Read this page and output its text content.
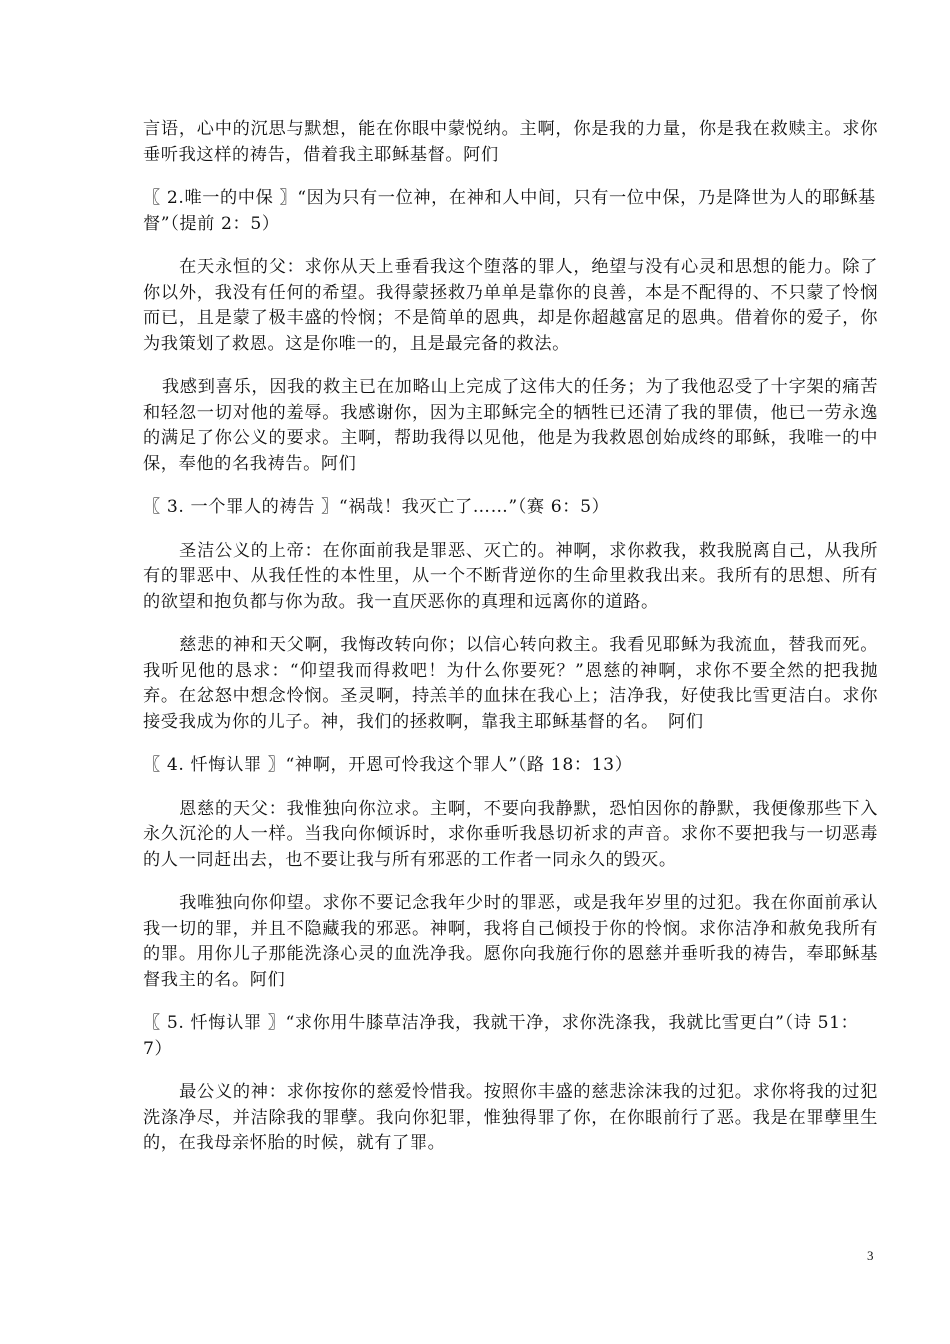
言语，心中的沉思与默想，能在你眼中蒙悦纳。主啊，你是我的力量，你是我在救赎主。求你垂听我这样的祷告，借着我主耶稣基督。阿们

〖 2.唯一的中保 〗“因为只有一位神，在神和人中间，只有一位中保，乃是降世为人的耶稣基督”（提前 2：5）

在天永恒的父：求你从天上垂看我这个堕落的罪人，绝望与没有心灵和思想的能力。除了你以外，我没有任何的希望。我得蒙拯救乃单单是靠你的良善，本是不配得的、不只蒙了怜悯而已，且是蒙了极丰盛的怜悯；不是简单的恩典，却是你超越富足的恩典。借着你的爱子，你为我策划了救恩。这是你唯一的，且是最完备的救法。

我感到喜乐，因我的救主已在加略山上完成了这伟大的任务；为了我他忍受了十字架的痛苦和轻忽一切对他的羞辱。我感谢你，因为主耶稣完全的牺牲已还清了我的罪债，他已一劳永逸的满足了你公义的要求。主啊，帮助我得以见他，他是为我救恩创始成终的耶稣，我唯一的中保，奉他的名我祷告。阿们

〖 3. 一个罪人的祷告 〗“祸哉！我灭亡了……”（赛 6：5）

圣洁公义的上帝：在你面前我是罪恶、灭亡的。神啊，求你救我，救我脱离自己，从我所有的罪恶中、从我任性的本性里，从一个不断背逆你的生命里救我出来。我所有的思想、所有的欲望和抱负都与你为敌。我一直厌恶你的真理和远离你的道路。

慈悲的神和天父啊，我悔改转向你；以信心转向救主。我看见耶稣为我流血，替我而死。我听见他的恳求：“仰望我而得救吧！为什么你要死？”恩慈的神啊，求你不要全然的把我抛弃。在忿怒中想念怜悯。圣灵啊，持羔羊的血抹在我心上；洁净我，好使我比雪更洁白。求你接受我成为你的儿子。神，我们的拯救啊，靠我主耶稣基督的名。　阿们

〖 4. 忏悔认罪 〗“神啊，开恩可怜我这个罪人”（路 18：13）

恩慈的天父：我惟独向你泣求。主啊，不要向我静默，恐怕因你的静默，我便像那些下入永久沉沦的人一样。当我向你倾诉时，求你垂听我恳切祈求的声音。求你不要把我与一切恶毒的人一同赶出去，也不要让我与所有邪恶的工作者一同永久的毁灭。

我唯独向你仰望。求你不要记念我年少时的罪恶，或是我年岁里的过犯。我在你面前承认我一切的罪，并且不隐藏我的邪恶。神啊，我将自己倾投于你的怜悯。求你洁净和赦免我所有的罪。用你儿子那能洗涤心灵的血洗净我。愿你向我施行你的恩慈并垂听我的祷告，奉耶稣基督我主的名。阿们

〖 5. 忏悔认罪 〗“求你用牛膝草洁净我，我就干净，求你洗涤我，我就比雪更白”（诗 51：7）

最公义的神：求你按你的慈爱怜惜我。按照你丰盛的慈悲涂沫我的过犯。求你将我的过犯洗涤净尽，并洁除我的罪孽。我向你犯罪，惟独得罪了你，在你眼前行了恶。我是在罪孽里生的，在我母亲怀胎的时候，就有了罪。

3
